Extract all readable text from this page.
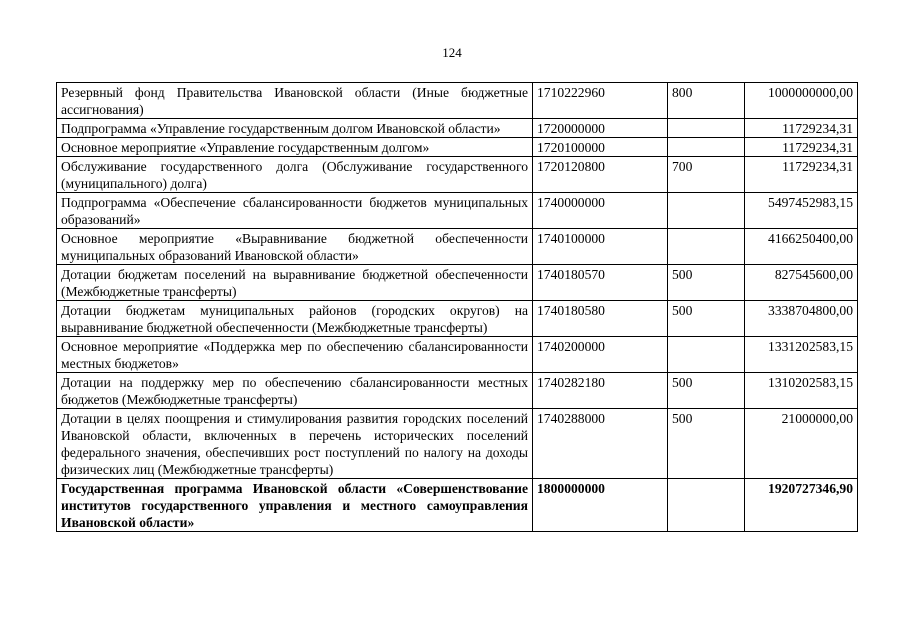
124
Резервный фонд Правительства Ивановской области (Иные бюджетные ассигнования)	1710222960	800	1000000000,00
Подпрограмма «Управление государственным долгом Ивановской области»	1720000000		11729234,31
Основное мероприятие «Управление государственным долгом»	1720100000		11729234,31
Обслуживание государственного долга (Обслуживание государственного (муниципального) долга)	1720120800	700	11729234,31
Подпрограмма «Обеспечение сбалансированности бюджетов муниципальных образований»	1740000000		5497452983,15
Основное мероприятие «Выравнивание бюджетной обеспеченности муниципальных образований Ивановской области»	1740100000		4166250400,00
Дотации бюджетам поселений на выравнивание бюджетной обеспеченности (Межбюджетные трансферты)	1740180570	500	827545600,00
Дотации бюджетам муниципальных районов (городских округов) на выравнивание бюджетной обеспеченности (Межбюджетные трансферты)	1740180580	500	3338704800,00
Основное мероприятие «Поддержка мер по обеспечению сбалансированности местных бюджетов»	1740200000		1331202583,15
Дотации на поддержку мер по обеспечению сбалансированности местных бюджетов (Межбюджетные трансферты)	1740282180	500	1310202583,15
Дотации в целях поощрения и стимулирования развития городских поселений Ивановской области, включенных в перечень исторических поселений федерального значения, обеспечивших рост поступлений по налогу на доходы физических лиц (Межбюджетные трансферты)	1740288000	500	21000000,00
Государственная программа Ивановской области «Совершенствование институтов государственного управления и местного самоуправления Ивановской области»	1800000000		1920727346,90
